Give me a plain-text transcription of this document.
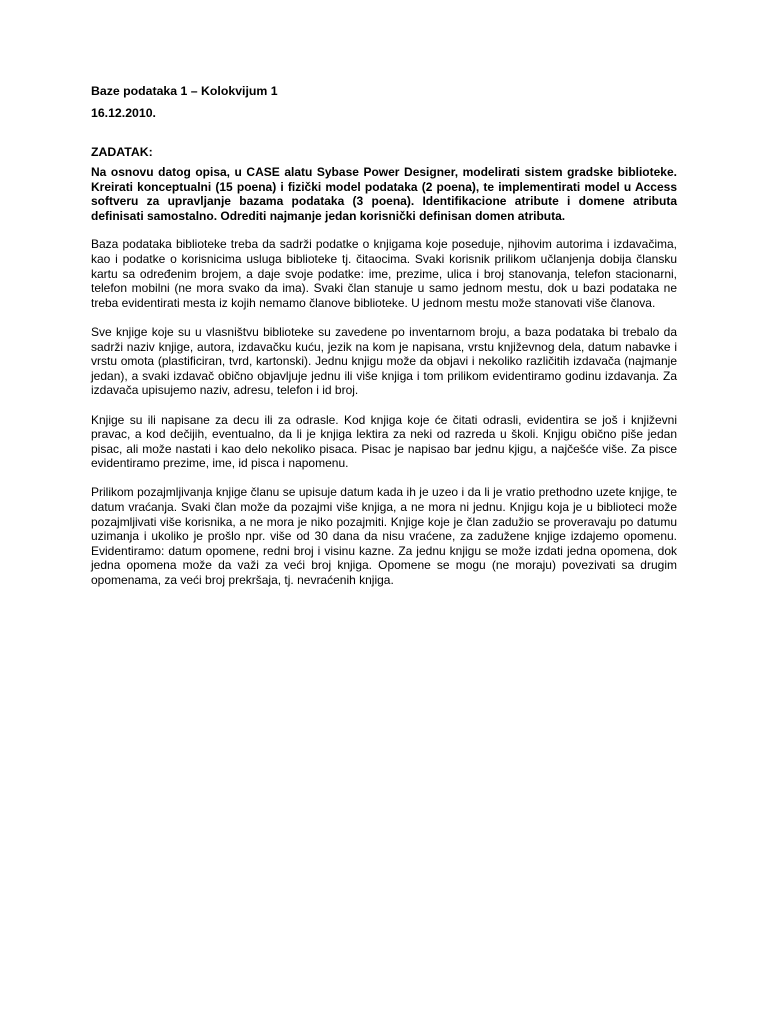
Baze podataka 1 – Kolokvijum 1

16.12.2010.

ZADATAK:

Na osnovu datog opisa, u CASE alatu Sybase Power Designer, modelirati sistem gradske biblioteke. Kreirati konceptualni (15 poena) i fizički model podataka (2 poena), te implementirati model u Access softveru za upravljanje bazama podataka (3 poena). Identifikacione atribute i domene atributa definisati samostalno. Odrediti najmanje jedan korisnički definisan domen atributa.

Baza podataka biblioteke treba da sadrži podatke o knjigama koje poseduje, njihovim autorima i izdavačima, kao i podatke o korisnicima usluga biblioteke tj. čitaocima. Svaki korisnik prilikom učlanjenja dobija člansku kartu sa određenim brojem, a daje svoje podatke: ime, prezime, ulica i broj stanovanja, telefon stacionarni, telefon mobilni (ne mora svako da ima). Svaki član stanuje u samo jednom mestu, dok u bazi podataka ne treba evidentirati mesta iz kojih nemamo članove biblioteke. U jednom mestu može stanovati više članova.

Sve knjige koje su u vlasništvu biblioteke su zavedene po inventarnom broju, a baza podataka bi trebalo da sadrži naziv knjige, autora, izdavačku kuću, jezik na kom je napisana, vrstu književnog dela, datum nabavke i vrstu omota (plastificiran, tvrd, kartonski). Jednu knjigu može da objavi i nekoliko različitih izdavača (najmanje jedan), a svaki izdavač obično objavljuje jednu ili više knjiga i tom prilikom evidentiramo godinu izdavanja. Za izdavača upisujemo naziv, adresu, telefon i id broj.

Knjige su ili napisane za decu ili za odrasle. Kod knjiga koje će čitati odrasli, evidentira se još i književni pravac, a kod dečijih, eventualno, da li je knjiga lektira za neki od razreda u školi. Knjigu obično piše jedan pisac, ali može nastati i kao delo nekoliko pisaca. Pisac je napisao bar jednu kjigu, a najčešće više. Za pisce evidentiramo prezime, ime, id pisca i napomenu.

Prilikom pozajmljivanja knjige članu se upisuje datum kada ih je uzeo i da li je vratio prethodno uzete knjige, te datum vraćanja. Svaki član može da pozajmi više knjiga, a ne mora ni jednu. Knjigu koja je u biblioteci može pozajmljivati više korisnika, a ne mora je niko pozajmiti. Knjige koje je član zadužio se proveravaju po datumu uzimanja i ukoliko je prošlo npr. više od 30 dana da nisu vraćene, za zadužene knjige izdajemo opomenu. Evidentiramo: datum opomene, redni broj i visinu kazne. Za jednu knjigu se može izdati jedna opomena, dok jedna opomena može da važi za veći broj knjiga. Opomene se mogu (ne moraju) povezivati sa drugim opomenama, za veći broj prekršaja, tj. nevraćenih knjiga.
